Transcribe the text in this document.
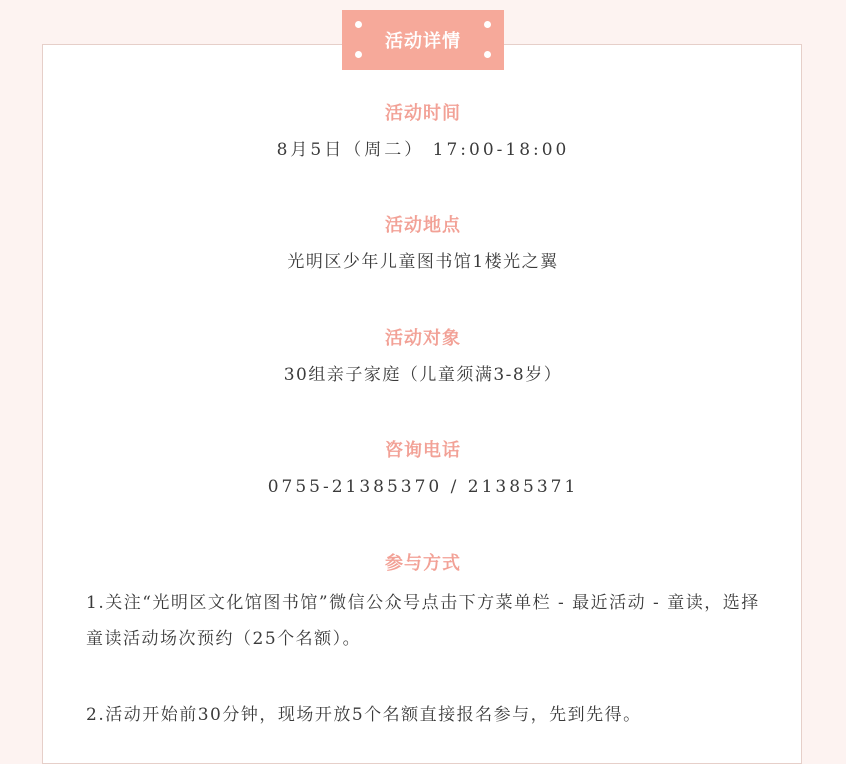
活动详情
活动时间
8月5日（周二） 17:00-18:00
活动地点
光明区少年儿童图书馆1楼光之翼
活动对象
30组亲子家庭（儿童须满3-8岁）
咨询电话
0755-21385370 / 21385371
参与方式
1.关注“光明区文化馆图书馆”微信公众号点击下方菜单栏 - 最近活动 - 童读，选择童读活动场次预约（25个名额）。
2.活动开始前30分钟，现场开放5个名额直接报名参与，先到先得。
